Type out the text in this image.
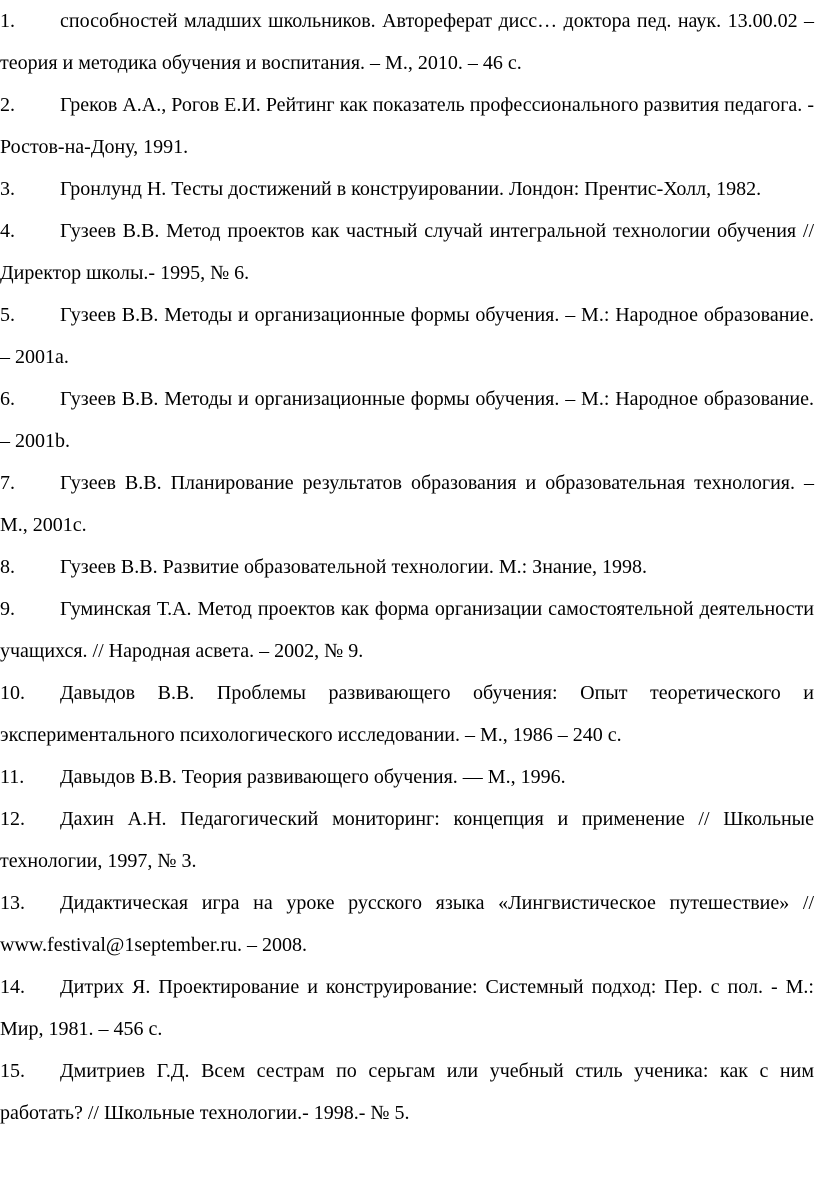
1. способностей младших школьников. Автореферат дисс… доктора пед. наук. 13.00.02 – теория и методика обучения и воспитания. – М., 2010. – 46 с.
2. Греков А.А., Рогов Е.И. Рейтинг как показатель профессионального развития педагога. - Ростов-на-Дону, 1991.
3. Гронлунд Н. Тесты достижений в конструировании. Лондон: Прентис-Холл, 1982.
4. Гузеев В.В. Метод проектов как частный случай интегральной технологии обучения // Директор школы.- 1995, № 6.
5. Гузеев В.В. Методы и организационные формы обучения. – М.: Народное образование. – 2001a.
6. Гузеев В.В. Методы и организационные формы обучения. – М.: Народное образование. – 2001b.
7. Гузеев В.В. Планирование результатов образования и образовательная технология. – М., 2001c.
8. Гузеев В.В. Развитие образовательной технологии. М.: Знание, 1998.
9. Гуминская Т.А. Метод проектов как форма организации самостоятельной деятельности учащихся. // Народная асвета. – 2002, № 9.
10. Давыдов В.В. Проблемы развивающего обучения: Опыт теоретического и экспериментального психологического исследовании. – М., 1986 – 240 с.
11. Давыдов В.В. Теория развивающего обучения. — М., 1996.
12. Дахин А.Н. Педагогический мониторинг: концепция и применение // Школьные технологии, 1997, № 3.
13. Дидактическая игра на уроке русского языка «Лингвистическое путешествие» // www.festival@1september.ru. – 2008.
14. Дитрих Я. Проектирование и конструирование: Системный подход: Пер. с пол. - М.: Мир, 1981. – 456 с.
15. Дмитриев Г.Д. Всем сестрам по серьгам или учебный стиль ученика: как с ним работать? // Школьные технологии.- 1998.- № 5.
